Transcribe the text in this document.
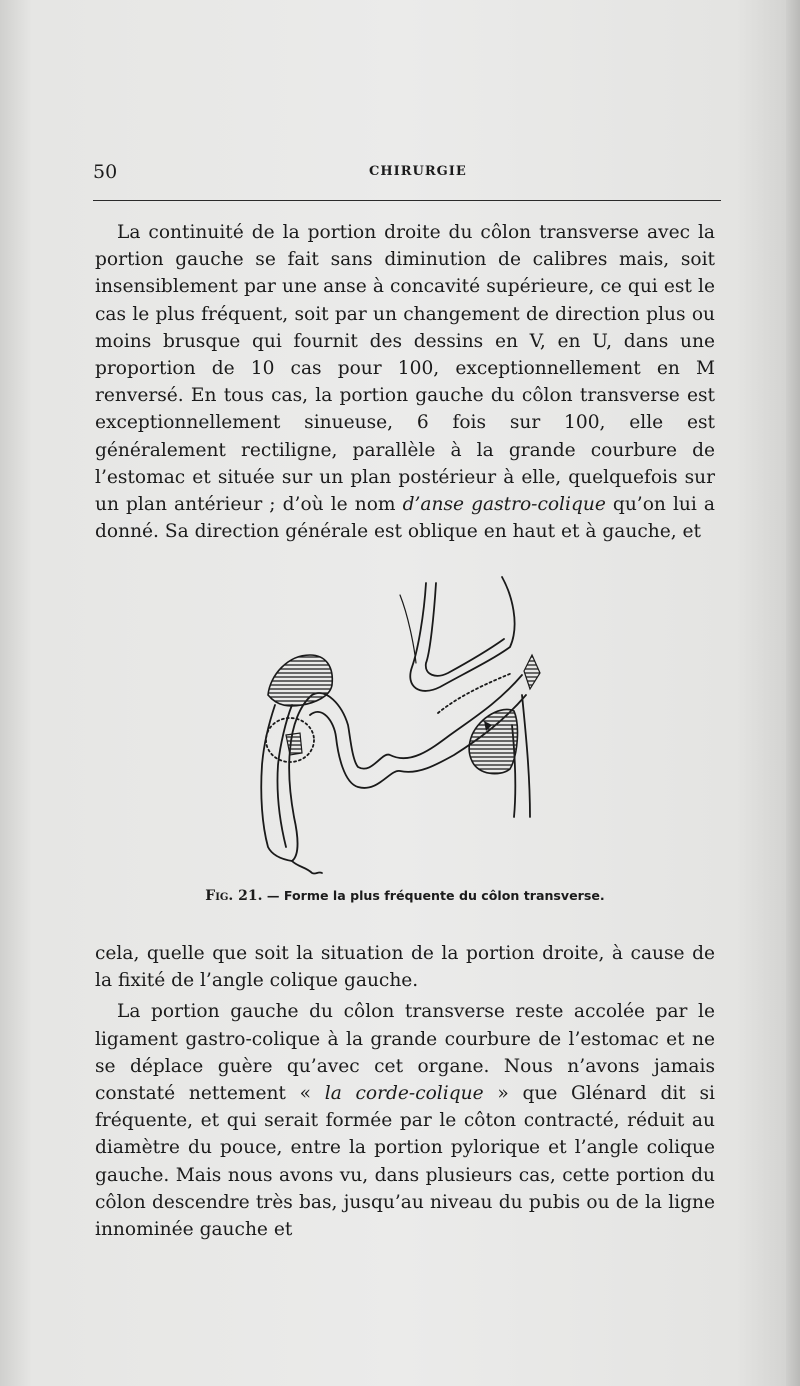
50	CHIRURGIE

La continuité de la portion droite du côlon transverse avec la portion gauche se fait sans diminution de calibres mais, soit insensiblement par une anse à concavité supérieure, ce qui est le cas le plus fréquent, soit par un changement de direction plus ou moins brusque qui fournit des dessins en V, en U, dans une proportion de 10 cas pour 100, exceptionnellement en M renversé. En tous cas, la portion gauche du côlon transverse est exceptionnellement sinueuse, 6 fois sur 100, elle est généralement rectiligne, parallèle à la grande courbure de l’estomac et située sur un plan postérieur à elle, quelquefois sur un plan antérieur ; d’où le nom d’anse gastro-colique qu’on lui a donné. Sa direction générale est oblique en haut et à gauche, et

Fig. 21. — Forme la plus fréquente du côlon transverse.

cela, quelle que soit la situation de la portion droite, à cause de la fixité de l’angle colique gauche.

La portion gauche du côlon transverse reste accolée par le ligament gastro-colique à la grande courbure de l’estomac et ne se déplace guère qu’avec cet organe. Nous n’avons jamais constaté nettement « la corde-colique » que Glénard dit si fréquente, et qui serait formée par le côton contracté, réduit au diamètre du pouce, entre la portion pylorique et l’angle colique gauche. Mais nous avons vu, dans plusieurs cas, cette portion du côlon descendre très bas, jusqu’au niveau du pubis ou de la ligne innominée gauche et
